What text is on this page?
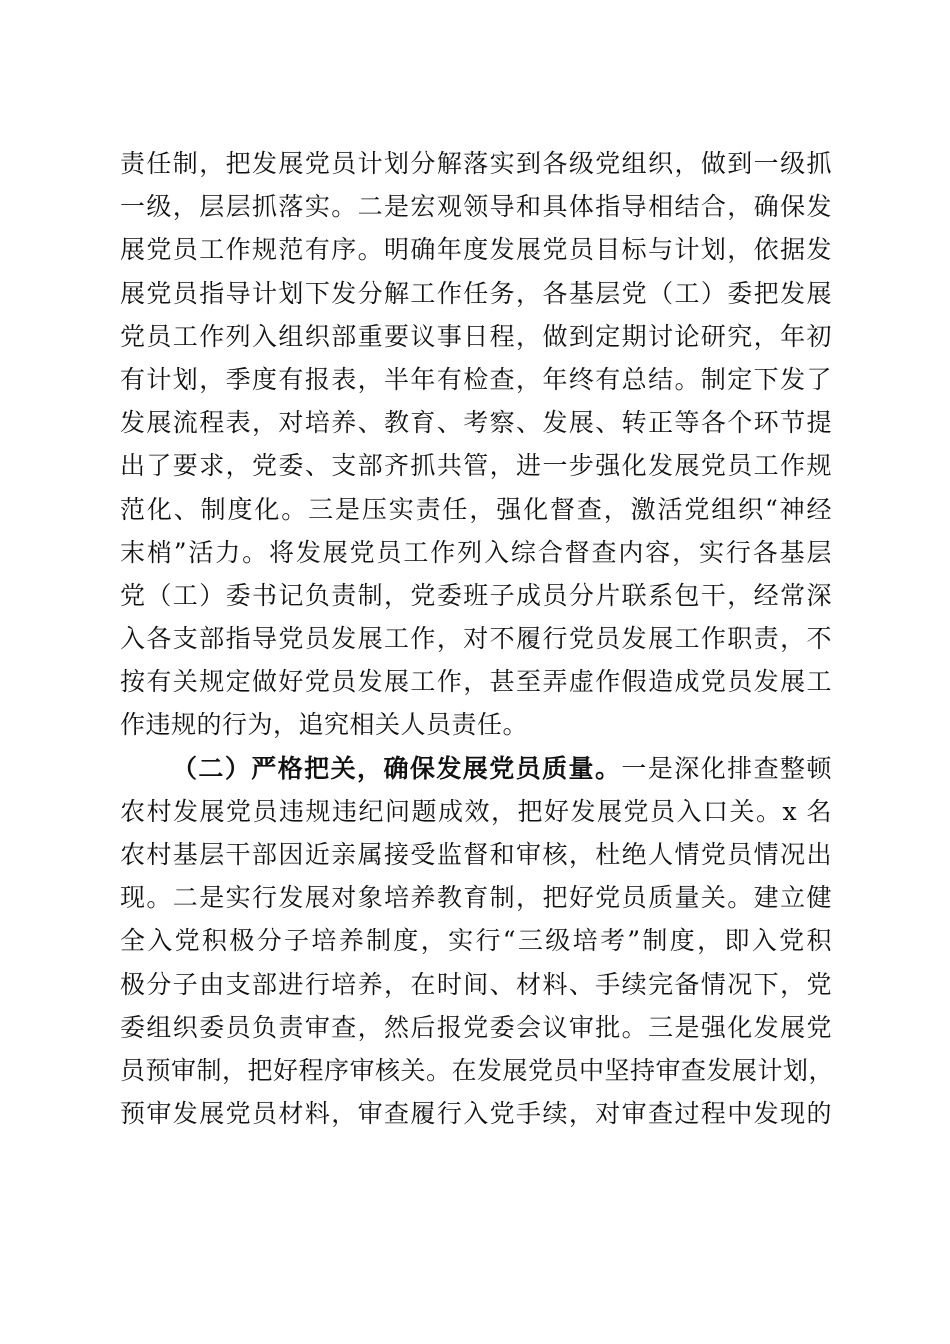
责任制，把发展党员计划分解落实到各级党组织，做到一级抓
一级，层层抓落实。二是宏观领导和具体指导相结合，确保发
展党员工作规范有序。明确年度发展党员目标与计划，依据发
展党员指导计划下发分解工作任务，各基层党（工）委把发展
党员工作列入组织部重要议事日程，做到定期讨论研究，年初
有计划，季度有报表，半年有检查，年终有总结。制定下发了
发展流程表，对培养、教育、考察、发展、转正等各个环节提
出了要求，党委、支部齐抓共管，进一步强化发展党员工作规
范化、制度化。三是压实责任，强化督查，激活党组织“神经
末梢”活力。将发展党员工作列入综合督查内容，实行各基层
党（工）委书记负责制，党委班子成员分片联系包干，经常深
入各支部指导党员发展工作，对不履行党员发展工作职责，不
按有关规定做好党员发展工作，甚至弄虚作假造成党员发展工
作违规的行为，追究相关人员责任。
（二）严格把关，确保发展党员质量。一是深化排查整顿
农村发展党员违规违纪问题成效，把好发展党员入口关。x 名
农村基层干部因近亲属接受监督和审核，杜绝人情党员情况出
现。二是实行发展对象培养教育制，把好党员质量关。建立健
全入党积极分子培养制度，实行“三级培考”制度，即入党积
极分子由支部进行培养，在时间、材料、手续完备情况下，党
委组织委员负责审查，然后报党委会议审批。三是强化发展党
员预审制，把好程序审核关。在发展党员中坚持审查发展计划，
预审发展党员材料，审查履行入党手续，对审查过程中发现的
